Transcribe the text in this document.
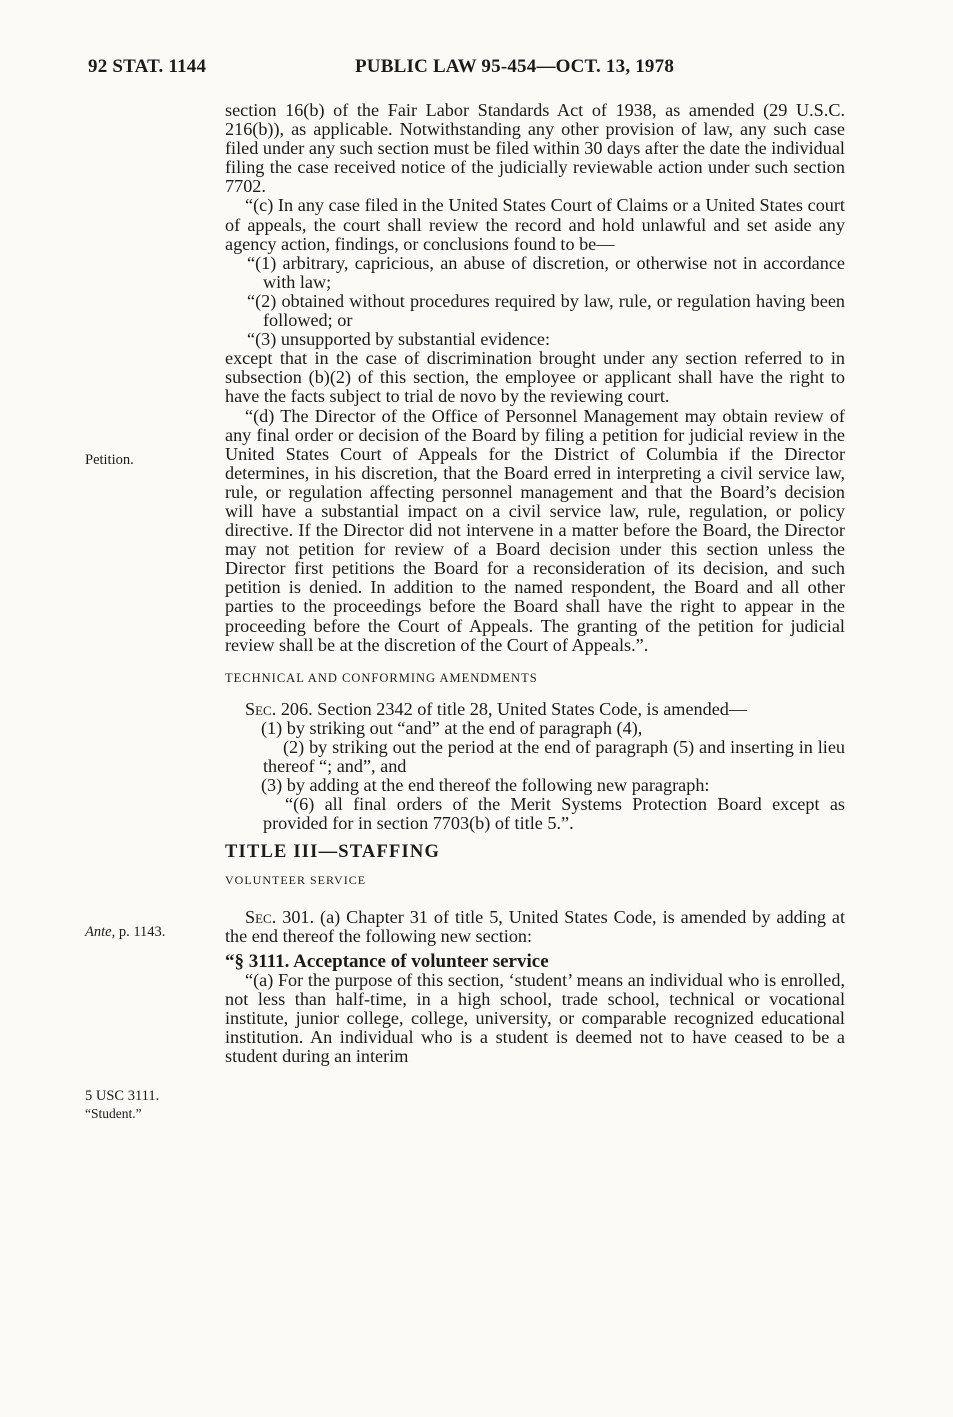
92 STAT. 1144	PUBLIC LAW 95-454—OCT. 13, 1978
Petition.
Ante, p. 1143.
5 USC 3111.
“Student.”

section 16(b) of the Fair Labor Standards Act of 1938, as amended (29 U.S.C. 216(b)), as applicable. Notwithstanding any other provision of law, any such case filed under any such section must be filed within 30 days after the date the individual filing the case received notice of the judicially reviewable action under such section 7702.

“(c) In any case filed in the United States Court of Claims or a United States court of appeals, the court shall review the record and hold unlawful and set aside any agency action, findings, or conclusions found to be—

“(1) arbitrary, capricious, an abuse of discretion, or otherwise not in accordance with law;

“(2) obtained without procedures required by law, rule, or regulation having been followed; or

“(3) unsupported by substantial evidence:

except that in the case of discrimination brought under any section referred to in subsection (b)(2) of this section, the employee or applicant shall have the right to have the facts subject to trial de novo by the reviewing court.

“(d) The Director of the Office of Personnel Management may obtain review of any final order or decision of the Board by filing a petition for judicial review in the United States Court of Appeals for the District of Columbia if the Director determines, in his discretion, that the Board erred in interpreting a civil service law, rule, or regulation affecting personnel management and that the Board’s decision will have a substantial impact on a civil service law, rule, regulation, or policy directive. If the Director did not intervene in a matter before the Board, the Director may not petition for review of a Board decision under this section unless the Director first petitions the Board for a reconsideration of its decision, and such petition is denied. In addition to the named respondent, the Board and all other parties to the proceedings before the Board shall have the right to appear in the proceeding before the Court of Appeals. The granting of the petition for judicial review shall be at the discretion of the Court of Appeals.”.

TECHNICAL AND CONFORMING AMENDMENTS

Sec. 206. Section 2342 of title 28, United States Code, is amended—

(1) by striking out “and” at the end of paragraph (4),

(2) by striking out the period at the end of paragraph (5) and inserting in lieu thereof “; and”, and

(3) by adding at the end thereof the following new paragraph:

“(6) all final orders of the Merit Systems Protection Board except as provided for in section 7703(b) of title 5.”.

TITLE III—STAFFING

VOLUNTEER SERVICE

Sec. 301. (a) Chapter 31 of title 5, United States Code, is amended by adding at the end thereof the following new section:

“§ 3111. Acceptance of volunteer service

“(a) For the purpose of this section, ‘student’ means an individual who is enrolled, not less than half-time, in a high school, trade school, technical or vocational institute, junior college, college, university, or comparable recognized educational institution. An individual who is a student is deemed not to have ceased to be a student during an interim
